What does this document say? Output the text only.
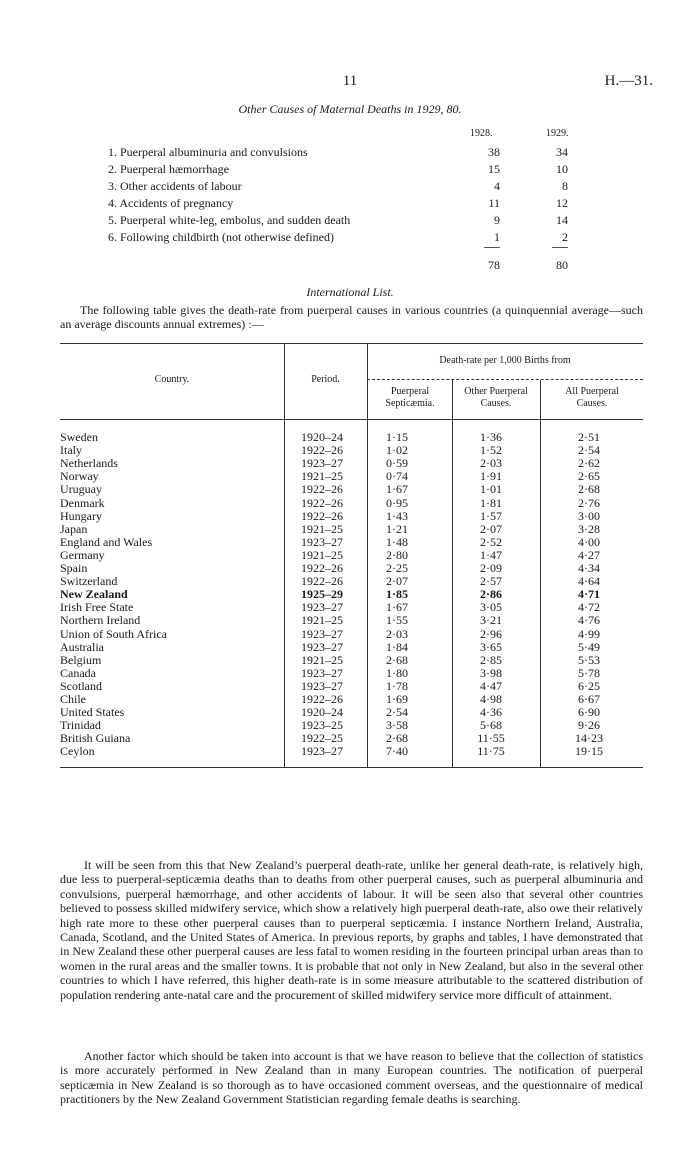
11	H.—31.
Other Causes of Maternal Deaths in 1929, 80.
1928.	1929.
1. Puerperal albuminuria and convulsions	38	34
2. Puerperal hæmorrhage	15	10
3. Other accidents of labour	4	8
4. Accidents of pregnancy	11	12
5. Puerperal white-leg, embolus, and sudden death	9	14
6. Following childbirth (not otherwise defined)	1	2
78	80
International List.
The following table gives the death-rate from puerperal causes in various countries (a quinquennial average—such an average discounts annual extremes) :—
Country.	Period.
Death-rate per 1,000 Births from
Puerperal Septicæmia.
Other Puerperal Causes.
All Puerperal Causes.
Sweden	1920–24	1·15	1·36	2·51
Italy	1922–26	1·02	1·52	2·54
Netherlands	1923–27	0·59	2·03	2·62
Norway	1921–25	0·74	1·91	2·65
Uruguay	1922–26	1·67	1·01	2·68
Denmark	1922–26	0·95	1·81	2·76
Hungary	1922–26	1·43	1·57	3·00
Japan	1921–25	1·21	2·07	3·28
England and Wales	1923–27	1·48	2·52	4·00
Germany	1921–25	2·80	1·47	4·27
Spain	1922–26	2·25	2·09	4·34
Switzerland	1922–26	2·07	2·57	4·64
New Zealand	1925–29	1·85	2·86	4·71
Irish Free State	1923–27	1·67	3·05	4·72
Northern Ireland	1921–25	1·55	3·21	4·76
Union of South Africa	1923–27	2·03	2·96	4·99
Australia	1923–27	1·84	3·65	5·49
Belgium	1921–25	2·68	2·85	5·53
Canada	1923–27	1·80	3·98	5·78
Scotland	1923–27	1·78	4·47	6·25
Chile	1922–26	1·69	4·98	6·67
United States	1920–24	2·54	4·36	6·90
Trinidad	1923–25	3·58	5·68	9·26
British Guiana	1922–25	2·68	11·55	14·23
Ceylon	1923–27	7·40	11·75	19·15
It will be seen from this that New Zealand’s puerperal death-rate, unlike her general death-rate, is relatively high, due less to puerperal-septicæmia deaths than to deaths from other puerperal causes, such as puerperal albuminuria and convulsions, puerperal hæmorrhage, and other accidents of labour. It will be seen also that several other countries believed to possess skilled midwifery service, which show a relatively high puerperal death-rate, also owe their relatively high rate more to these other puerperal causes than to puerperal septicæmia. I instance Northern Ireland, Australia, Canada, Scotland, and the United States of America. In previous reports, by graphs and tables, I have demonstrated that in New Zealand these other puerperal causes are less fatal to women residing in the fourteen principal urban areas than to women in the rural areas and the smaller towns. It is probable that not only in New Zealand, but also in the several other countries to which I have referred, this higher death-rate is in some measure attributable to the scattered distribution of population rendering ante-natal care and the procurement of skilled midwifery service more difficult of attainment.
Another factor which should be taken into account is that we have reason to believe that the collection of statistics is more accurately performed in New Zealand than in many European countries. The notification of puerperal septicæmia in New Zealand is so thorough as to have occasioned comment overseas, and the questionnaire of medical practitioners by the New Zealand Government Statistician regarding female deaths is searching.
